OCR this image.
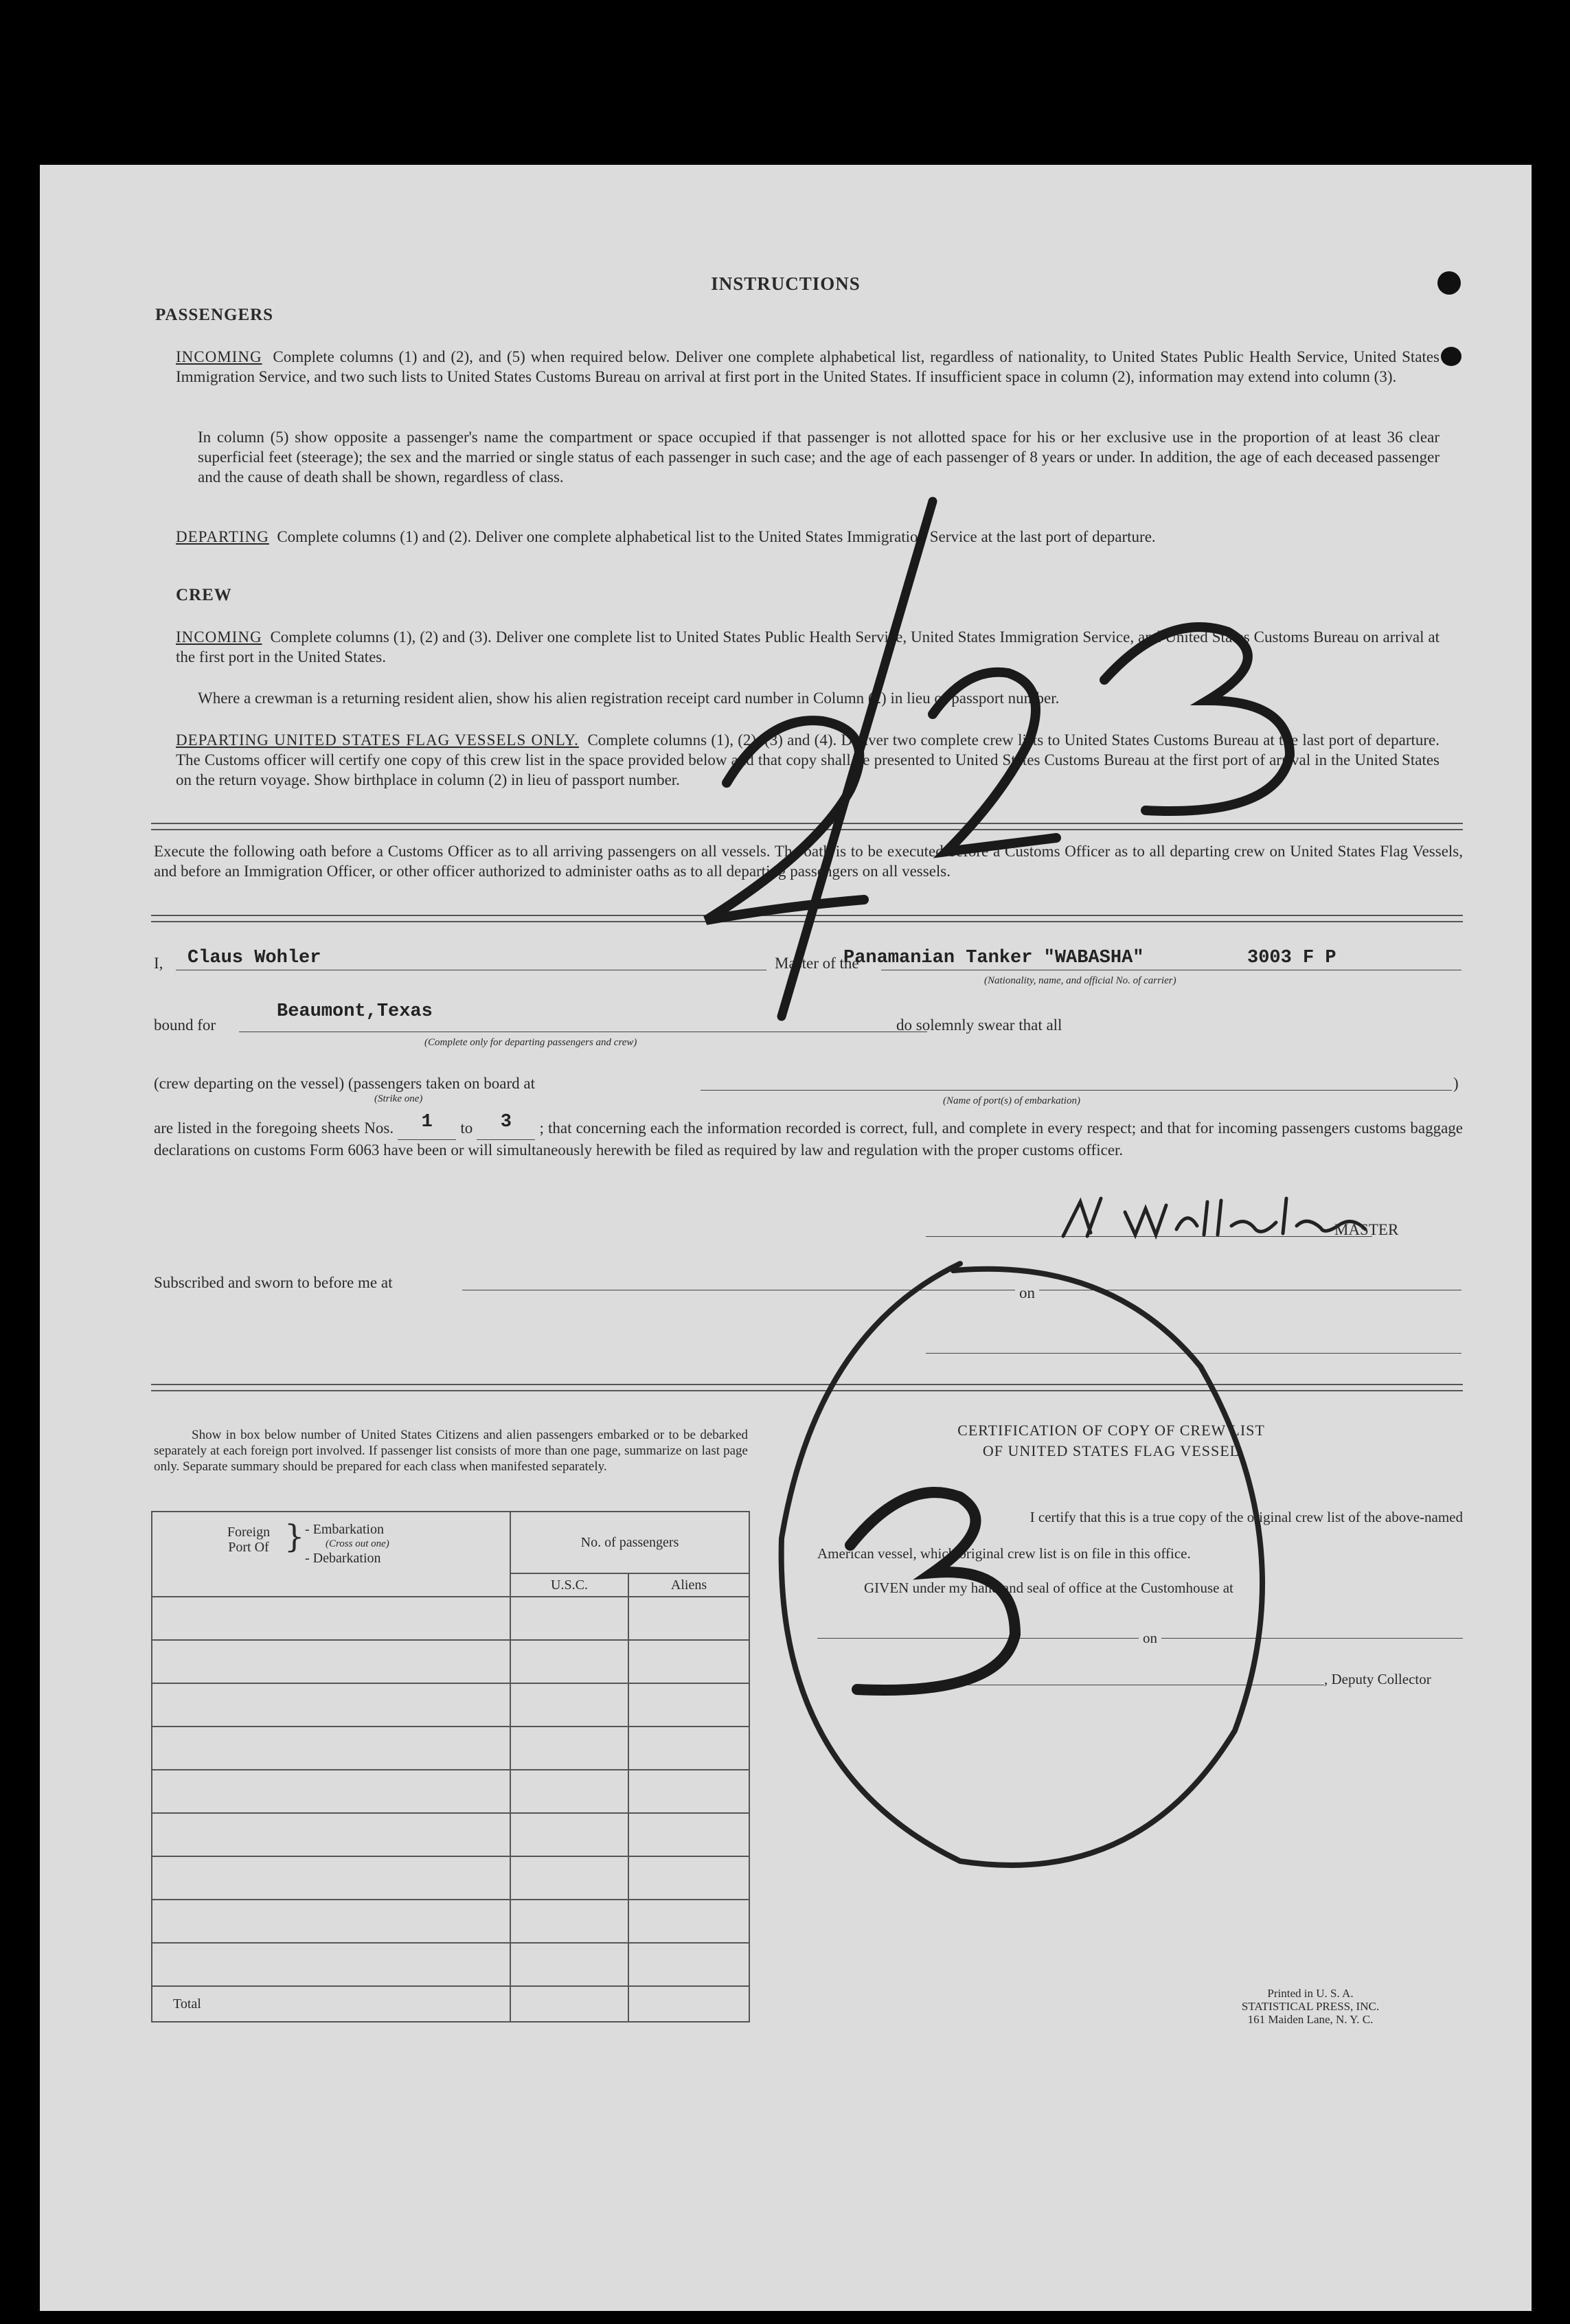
INSTRUCTIONS
PASSENGERS
INCOMING Complete columns (1) and (2), and (5) when required below. Deliver one complete alphabetical list, regardless of nationality, to United States Public Health Service, United States Immigration Service, and two such lists to United States Customs Bureau on arrival at first port in the United States. If insufficient space in column (2), information may extend into column (3).
In column (5) show opposite a passenger's name the compartment or space occupied if that passenger is not allotted space for his or her exclusive use in the proportion of at least 36 clear superficial feet (steerage); the sex and the married or single status of each passenger in such case; and the age of each passenger of 8 years or under. In addition, the age of each deceased passenger and the cause of death shall be shown, regardless of class.
DEPARTING Complete columns (1) and (2). Deliver one complete alphabetical list to the United States Immigration Service at the last port of departure.
CREW
INCOMING Complete columns (1), (2) and (3). Deliver one complete list to United States Public Health Service, United States Immigration Service, and United States Customs Bureau on arrival at the first port in the United States.
Where a crewman is a returning resident alien, show his alien registration receipt card number in Column (2) in lieu of passport number.
DEPARTING UNITED STATES FLAG VESSELS ONLY. Complete columns (1), (2), (3) and (4). Deliver two complete crew lists to United States Customs Bureau at the last port of departure. The Customs officer will certify one copy of this crew list in the space provided below and that copy shall be presented to United States Customs Bureau at the first port of arrival in the United States on the return voyage. Show birthplace in column (2) in lieu of passport number.
Execute the following oath before a Customs Officer as to all arriving passengers on all vessels. The oath is to be executed before a Customs Officer as to all departing crew on United States Flag Vessels, and before an Immigration Officer, or other officer authorized to administer oaths as to all departing passengers on all vessels.
I, Claus Wohler	Master of the
Panamanian Tanker "WABASHA"	3003 F P
(Nationality, name, and official No. of carrier)
bound for
Beaumont,Texas
(Complete only for departing passengers and crew)
do solemnly swear that all
(crew departing on the vessel) (passengers taken on board at	)
(Strike one)	(Name of port(s) of embarkation)
are listed in the foregoing sheets Nos. 1 to 3 ; that concerning each the information recorded is correct, full, and complete in every respect; and that for incoming passengers customs baggage declarations on customs Form 6063 have been or will simultaneously herewith be filed as required by law and regulation with the proper customs officer.
MASTER
Subscribed and sworn to before me at
on
Show in box below number of United States Citizens and alien passengers embarked or to be debarked separately at each foreign port involved. If passenger list consists of more than one page, summarize on last page only. Separate summary should be prepared for each class when manifested separately.
Foreign Port Of } - Embarkation
(Cross out one)
- Debarkation	No. of passengers	
	U.S.C.	Aliens

Total		
CERTIFICATION OF COPY OF CREW LIST
OF UNITED STATES FLAG VESSEL
I certify that this is a true copy of the original crew list of the above-named
American vessel, which original crew list is on file in this office.
GIVEN under my hand and seal of office at the Customhouse at
on
, Deputy Collector
Printed in U. S. A.
STATISTICAL PRESS, INC.
161 Maiden Lane, N. Y. C.
